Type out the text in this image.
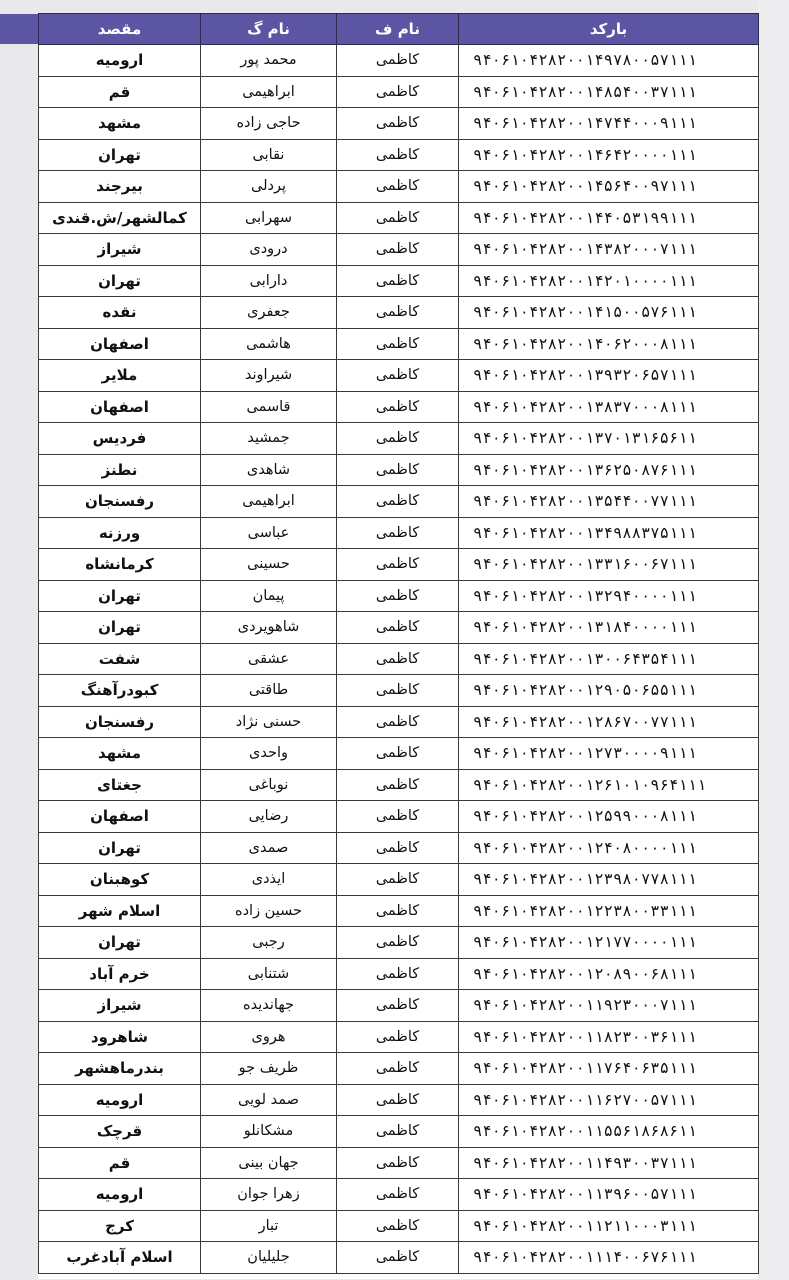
بارکد	نام ف	نام گ	مقصد
۹۴۰۶۱۰۴۲۸۲۰۰۱۴۹۷۸۰۰۵۷۱۱۱	کاظمی	محمد پور	ارومیه
۹۴۰۶۱۰۴۲۸۲۰۰۱۴۸۵۴۰۰۳۷۱۱۱	کاظمی	ابراهیمی	قم
۹۴۰۶۱۰۴۲۸۲۰۰۱۴۷۴۴۰۰۰۹۱۱۱	کاظمی	حاجی زاده	مشهد
۹۴۰۶۱۰۴۲۸۲۰۰۱۴۶۴۲۰۰۰۰۱۱۱	کاظمی	نقابی	تهران
۹۴۰۶۱۰۴۲۸۲۰۰۱۴۵۶۴۰۰۹۷۱۱۱	کاظمی	پردلی	بیرجند
۹۴۰۶۱۰۴۲۸۲۰۰۱۴۴۰۵۳۱۹۹۱۱۱	کاظمی	سهرابی	کمالشهر/ش.قندی
۹۴۰۶۱۰۴۲۸۲۰۰۱۴۳۸۲۰۰۰۷۱۱۱	کاظمی	درودی	شیراز
۹۴۰۶۱۰۴۲۸۲۰۰۱۴۲۰۱۰۰۰۰۱۱۱	کاظمی	دارابی	تهران
۹۴۰۶۱۰۴۲۸۲۰۰۱۴۱۵۰۰۵۷۶۱۱۱	کاظمی	جعفری	نقده
۹۴۰۶۱۰۴۲۸۲۰۰۱۴۰۶۲۰۰۰۸۱۱۱	کاظمی	هاشمی	اصفهان
۹۴۰۶۱۰۴۲۸۲۰۰۱۳۹۳۲۰۶۵۷۱۱۱	کاظمی	شیراوند	ملایر
۹۴۰۶۱۰۴۲۸۲۰۰۱۳۸۳۷۰۰۰۸۱۱۱	کاظمی	قاسمی	اصفهان
۹۴۰۶۱۰۴۲۸۲۰۰۱۳۷۰۱۳۱۶۵۶۱۱	کاظمی	جمشید	فردیس
۹۴۰۶۱۰۴۲۸۲۰۰۱۳۶۲۵۰۸۷۶۱۱۱	کاظمی	شاهدی	نطنز
۹۴۰۶۱۰۴۲۸۲۰۰۱۳۵۴۴۰۰۷۷۱۱۱	کاظمی	ابراهیمی	رفسنجان
۹۴۰۶۱۰۴۲۸۲۰۰۱۳۴۹۸۸۳۷۵۱۱۱	کاظمی	عباسی	ورزنه
۹۴۰۶۱۰۴۲۸۲۰۰۱۳۳۱۶۰۰۶۷۱۱۱	کاظمی	حسینی	کرمانشاه
۹۴۰۶۱۰۴۲۸۲۰۰۱۳۲۹۴۰۰۰۰۱۱۱	کاظمی	پیمان	تهران
۹۴۰۶۱۰۴۲۸۲۰۰۱۳۱۸۴۰۰۰۰۱۱۱	کاظمی	شاهویردی	تهران
۹۴۰۶۱۰۴۲۸۲۰۰۱۳۰۰۶۴۳۵۴۱۱۱	کاظمی	عشقی	شفت
۹۴۰۶۱۰۴۲۸۲۰۰۱۲۹۰۵۰۶۵۵۱۱۱	کاظمی	طاقتی	کبودرآهنگ
۹۴۰۶۱۰۴۲۸۲۰۰۱۲۸۶۷۰۰۷۷۱۱۱	کاظمی	حسنی نژاد	رفسنجان
۹۴۰۶۱۰۴۲۸۲۰۰۱۲۷۳۰۰۰۰۹۱۱۱	کاظمی	واحدی	مشهد
۹۴۰۶۱۰۴۲۸۲۰۰۱۲۶۱۰۱۰۹۶۴۱۱۱	کاظمی	نوباغی	جغتای
۹۴۰۶۱۰۴۲۸۲۰۰۱۲۵۹۹۰۰۰۸۱۱۱	کاظمی	رضایی	اصفهان
۹۴۰۶۱۰۴۲۸۲۰۰۱۲۴۰۸۰۰۰۰۱۱۱	کاظمی	صمدی	تهران
۹۴۰۶۱۰۴۲۸۲۰۰۱۲۳۹۸۰۷۷۸۱۱۱	کاظمی	ایذدی	کوهبنان
۹۴۰۶۱۰۴۲۸۲۰۰۱۲۲۳۸۰۰۳۳۱۱۱	کاظمی	حسین زاده	اسلام شهر
۹۴۰۶۱۰۴۲۸۲۰۰۱۲۱۷۷۰۰۰۰۱۱۱	کاظمی	رجبی	تهران
۹۴۰۶۱۰۴۲۸۲۰۰۱۲۰۸۹۰۰۶۸۱۱۱	کاظمی	شتنابی	خرم آباد
۹۴۰۶۱۰۴۲۸۲۰۰۱۱۹۲۳۰۰۰۷۱۱۱	کاظمی	جهاندیده	شیراز
۹۴۰۶۱۰۴۲۸۲۰۰۱۱۸۲۳۰۰۳۶۱۱۱	کاظمی	هروی	شاهرود
۹۴۰۶۱۰۴۲۸۲۰۰۱۱۷۶۴۰۶۳۵۱۱۱	کاظمی	ظریف جو	بندرماهشهر
۹۴۰۶۱۰۴۲۸۲۰۰۱۱۶۲۷۰۰۵۷۱۱۱	کاظمی	صمد لویی	ارومیه
۹۴۰۶۱۰۴۲۸۲۰۰۱۱۵۵۶۱۸۶۸۶۱۱	کاظمی	مشکانلو	قرچک
۹۴۰۶۱۰۴۲۸۲۰۰۱۱۴۹۳۰۰۳۷۱۱۱	کاظمی	جهان بینی	قم
۹۴۰۶۱۰۴۲۸۲۰۰۱۱۳۹۶۰۰۵۷۱۱۱	کاظمی	زهرا جوان	ارومیه
۹۴۰۶۱۰۴۲۸۲۰۰۱۱۲۱۱۰۰۰۳۱۱۱	کاظمی	تبار	کرج
۹۴۰۶۱۰۴۲۸۲۰۰۱۱۱۴۰۰۶۷۶۱۱۱	کاظمی	جلیلیان	اسلام آبادغرب
